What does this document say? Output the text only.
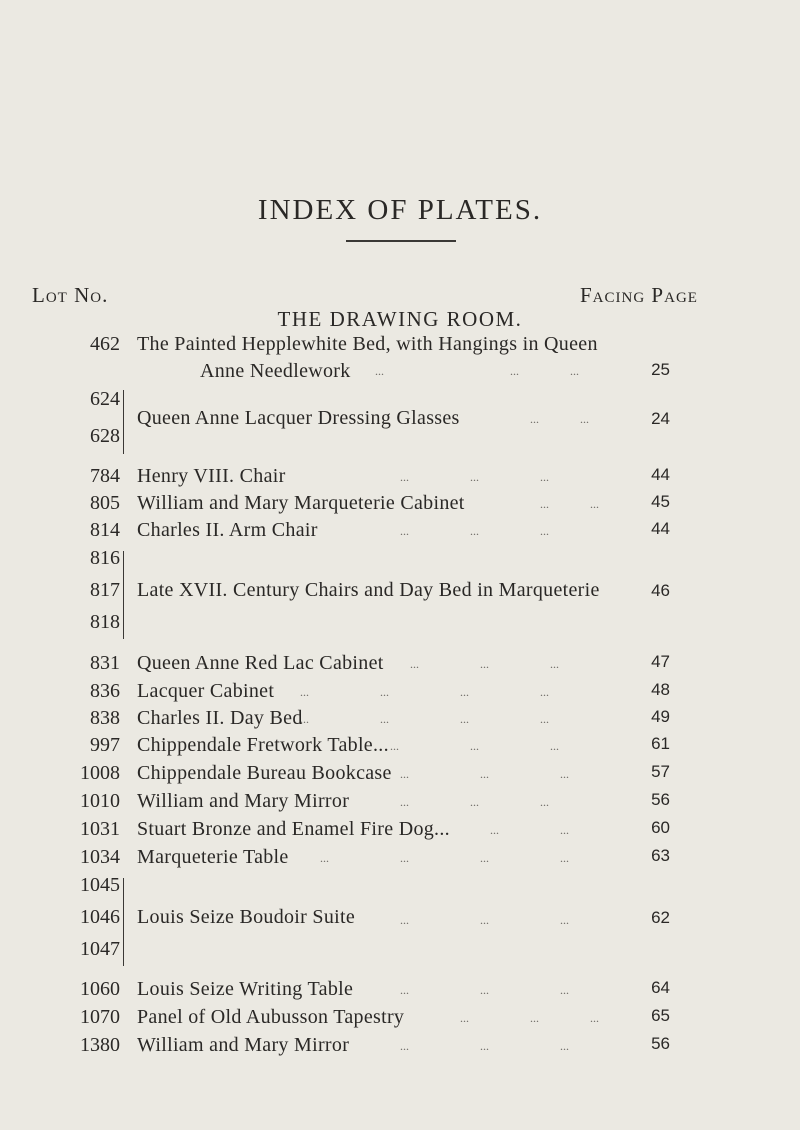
INDEX OF PLATES.
Lot No.	Facing Page
THE DRAWING ROOM.
462 The Painted Hepplewhite Bed, with Hangings in Queen
Anne Needlework	25
624
628
Queen Anne Lacquer Dressing Glasses	24
784 Henry VIII. Chair	44
805 William and Mary Marqueterie Cabinet	45
814 Charles II. Arm Chair	44
816
817
818
Late XVII. Century Chairs and Day Bed in Marqueterie	46
831 Queen Anne Red Lac Cabinet	47
836 Lacquer Cabinet	48
838 Charles II. Day Bed	49
997 Chippendale Fretwork Table...	61
1008 Chippendale Bureau Bookcase	57
1010 William and Mary Mirror	56
1031 Stuart Bronze and Enamel Fire Dog...	60
1034 Marqueterie Table	63
1045
1046
1047
Louis Seize Boudoir Suite	62
1060 Louis Seize Writing Table	64
1070 Panel of Old Aubusson Tapestry	65
1380 William and Mary Mirror	56
...	...	...
...	...
...	...	...
...	...
...	...	...
...	...	...
...	...	...	...
...	...	...	...
...	...	...
...	...	...
...	...	...
...	...
...	...	...	...
...	...	...
...	...	...
...	...	...
...	...	...
